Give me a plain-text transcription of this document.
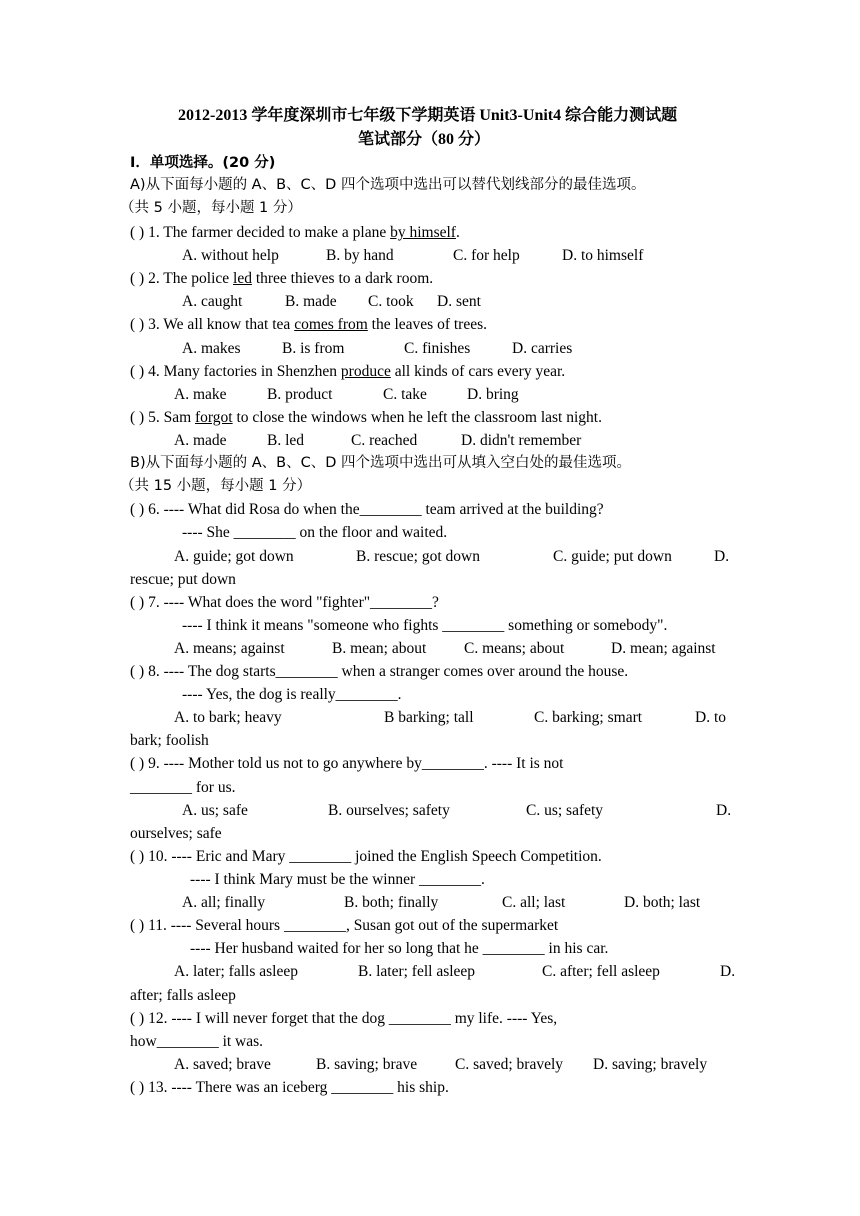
2012-2013 学年度深圳市七年级下学期英语 Unit3-Unit4 综合能力测试题
笔试部分（80 分）
I．单项选择。(20 分)
A)从下面每小题的 A、B、C、D 四个选项中选出可以替代划线部分的最佳选项。
（共 5 小题，每小题 1 分）
( ) 1. The farmer decided to make a plane by himself.
A. without help	B. by hand	C. for help	D. to himself
( ) 2. The police led three thieves to a dark room.
A. caught	B. made C. took D. sent
( ) 3. We all know that tea comes from the leaves of trees.
A. makes	B. is from	C. finishes	D. carries
( ) 4. Many factories in Shenzhen produce all kinds of cars every year.
A. make	B. product	C. take	D. bring
( ) 5. Sam forgot to close the windows when he left the classroom last night.
A. made	B. led	C. reached	D. didn't remember
B)从下面每小题的 A、B、C、D 四个选项中选出可从填入空白处的最佳选项。
（共 15 小题，每小题 1 分）
( ) 6. ---- What did Rosa do when the________ team arrived at the building?
---- She ________ on the floor and waited.
A. guide; got down	B. rescue; got down	C. guide; put down	D.
rescue; put down
( ) 7. ---- What does the word "fighter"________?
---- I think it means "someone who fights ________ something or somebody".
A. means; against	B. mean; about C. means; about	D. mean; against
( ) 8. ---- The dog starts________ when a stranger comes over around the house.
---- Yes, the dog is really________.
A. to bark; heavy	B barking; tall	C. barking; smart	D. to
bark; foolish
( ) 9. ---- Mother told us not to go anywhere by________. ---- It is not
________ for us.
A. us; safe	B. ourselves; safety	C. us; safety	D.
ourselves; safe
( ) 10. ---- Eric and Mary ________ joined the English Speech Competition.
---- I think Mary must be the winner ________.
A. all; finally	B. both; finally	C. all; last	D. both; last
( ) 11. ---- Several hours ________, Susan got out of the supermarket
---- Her husband waited for her so long that he ________ in his car.
A. later; falls asleep	B. later; fell asleep	C. after; fell asleep	D.
after; falls asleep
( ) 12. ---- I will never forget that the dog ________ my life. ---- Yes,
how________ it was.
A. saved; brave	B. saving; brave C. saved; bravely D. saving; bravely
( ) 13. ---- There was an iceberg ________ his ship.
